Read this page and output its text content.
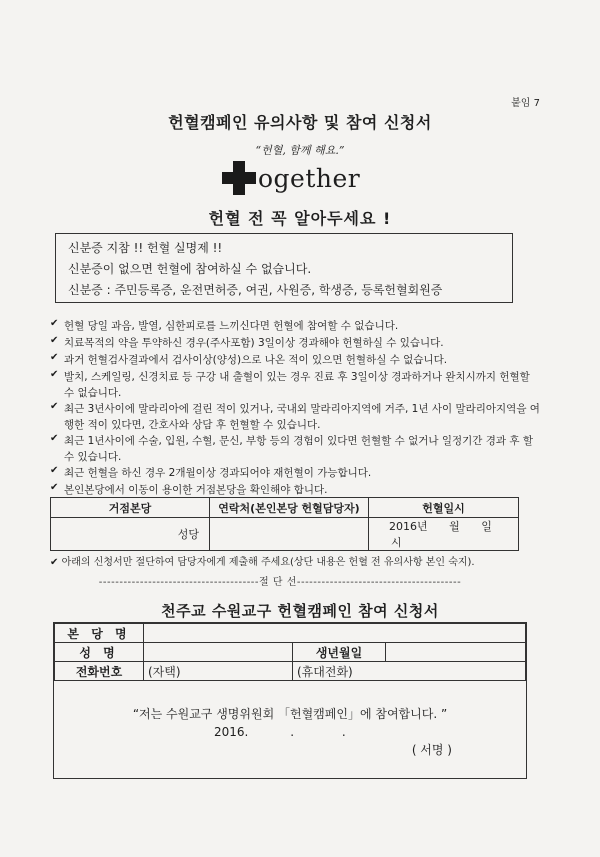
붙임 7
헌혈캠페인 유의사항 및 참여 신청서
“헌혈, 함께 해요.”
ogether
헌혈 전 꼭 알아두세요 !
신분증 지참 !! 헌혈 실명제 !!
신분증이 없으면 헌혈에 참여하실 수 없습니다.
신분증 : 주민등록증, 운전면허증, 여권, 사원증, 학생증, 등록헌혈회원증
✔ 헌혈 당일 과음, 발열, 심한피로를 느끼신다면 헌혈에 참여할 수 없습니다.
✔ 치료목적의 약을 투약하신 경우(주사포함) 3일이상 경과해야 헌혈하실 수 있습니다.
✔ 과거 헌혈검사결과에서 검사이상(양성)으로 나온 적이 있으면 헌혈하실 수 없습니다.
✔ 발치, 스케일링, 신경치료 등 구강 내 출혈이 있는 경우 진료 후 3일이상 경과하거나 완치시까지 헌혈할 수 없습니다.
✔ 최근 3년사이에 말라리아에 걸린 적이 있거나, 국내외 말라리아지역에 거주, 1년 사이 말라리아지역을 여행한 적이 있다면, 간호사와 상담 후 헌혈할 수 있습니다.
✔ 최근 1년사이에 수술, 입원, 수혈, 문신, 부항 등의 경험이 있다면 헌혈할 수 없거나 일정기간 경과 후 할 수 있습니다.
✔ 최근 헌혈을 하신 경우 2개월이상 경과되어야 재헌혈이 가능합니다.
✔ 본인본당에서 이동이 용이한 거점본당을 확인해야 합니다.
거점본당	연락처(본인본당 헌혈담당자)	헌혈일시
성당		2016년 월 일 시
✔ 아래의 신청서만 절단하여 담당자에게 제출해 주세요(상단 내용은 헌혈 전 유의사항 본인 숙지).
---------------------------------------절 단 선----------------------------------------
천주교 수원교구 헌혈캠페인 참여 신청서
본 당 명			
성 명		생년월일	
전화번호	(자택)	(휴대전화)	
“저는 수원교구 생명위원회 「헌혈캠페인」에 참여합니다. ”
2016.	.	.
( 서명 )
